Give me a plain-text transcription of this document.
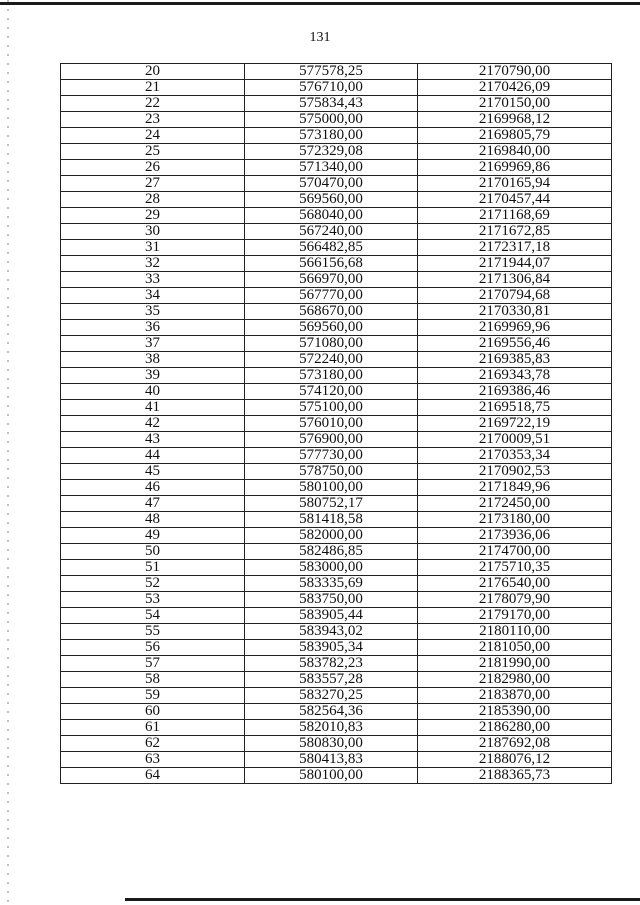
131
20	577578,25	2170790,00
21	576710,00	2170426,09
22	575834,43	2170150,00
23	575000,00	2169968,12
24	573180,00	2169805,79
25	572329,08	2169840,00
26	571340,00	2169969,86
27	570470,00	2170165,94
28	569560,00	2170457,44
29	568040,00	2171168,69
30	567240,00	2171672,85
31	566482,85	2172317,18
32	566156,68	2171944,07
33	566970,00	2171306,84
34	567770,00	2170794,68
35	568670,00	2170330,81
36	569560,00	2169969,96
37	571080,00	2169556,46
38	572240,00	2169385,83
39	573180,00	2169343,78
40	574120,00	2169386,46
41	575100,00	2169518,75
42	576010,00	2169722,19
43	576900,00	2170009,51
44	577730,00	2170353,34
45	578750,00	2170902,53
46	580100,00	2171849,96
47	580752,17	2172450,00
48	581418,58	2173180,00
49	582000,00	2173936,06
50	582486,85	2174700,00
51	583000,00	2175710,35
52	583335,69	2176540,00
53	583750,00	2178079,90
54	583905,44	2179170,00
55	583943,02	2180110,00
56	583905,34	2181050,00
57	583782,23	2181990,00
58	583557,28	2182980,00
59	583270,25	2183870,00
60	582564,36	2185390,00
61	582010,83	2186280,00
62	580830,00	2187692,08
63	580413,83	2188076,12
64	580100,00	2188365,73
